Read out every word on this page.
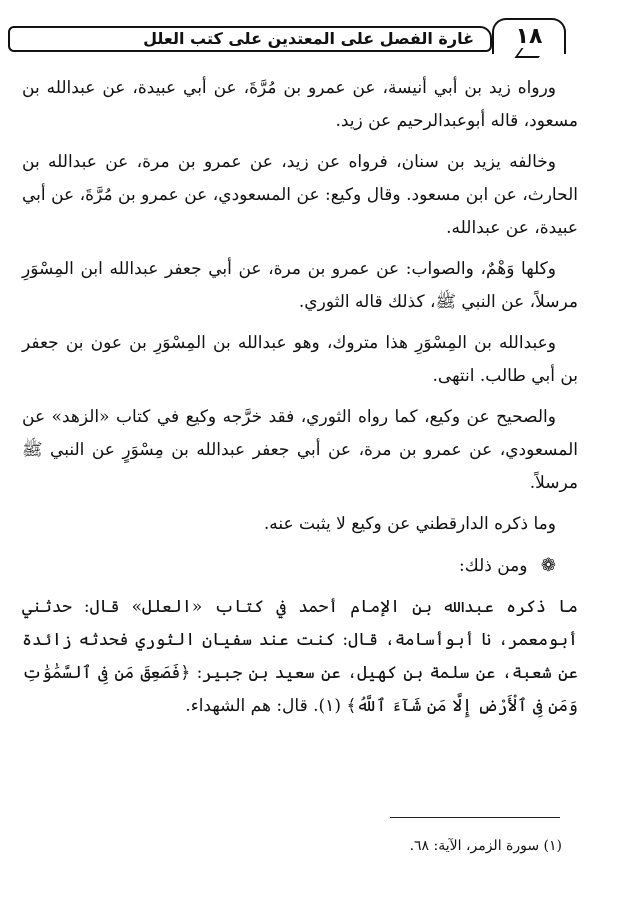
غارة الفصل على المعتدين على كتب العلل	١٨

ورواه زيد بن أبي أنيسة، عن عمرو بن مُرَّةَ، عن أبي عبيدة، عن عبدالله بن مسعود، قاله أبوعبدالرحيم عن زيد.

وخالفه يزيد بن سنان، فرواه عن زيد، عن عمرو بن مرة، عن عبدالله بن الحارث، عن ابن مسعود. وقال وكيع: عن المسعودي، عن عمرو بن مُرَّةَ، عن أبي عبيدة، عن عبدالله.

وكلها وَهْمٌ، والصواب: عن عمرو بن مرة، عن أبي جعفر عبدالله ابن المِسْوَرِ مرسلاً، عن النبي ﷺ، كذلك قاله الثوري.

وعبدالله بن المِسْوَرِ هذا متروك، وهو عبدالله بن المِسْوَرِ بن عون بن جعفر بن أبي طالب. انتهى.

والصحيح عن وكيع، كما رواه الثوري، فقد خرَّجه وكيع في كتاب «الزهد» عن المسعودي، عن عمرو بن مرة، عن أبي جعفر عبدالله بن مِسْوَرٍ عن النبي ﷺ مرسلاً.

وما ذكره الدارقطني عن وكيع لا يثبت عنه.

❁ ومن ذلك:

ما ذكره عبدالله بن الإمام أحمد في كتاب «العلل» قال: حدثني أبومعمر، نا أبوأسامة، قال: كنت عند سفيان الثوري فحدثه زائدة عن شعبة، عن سلمة بن كهيل، عن سعيد بن جبير: ﴿فَصَعِقَ مَن فِى ٱلسَّمَٰوَٰتِ وَمَن فِى ٱلْأَرْضِ إِلَّا مَن شَآءَ ٱللَّهُ﴾ (١). قال: هم الشهداء.

(١) سورة الزمر، الآية: ٦٨.
